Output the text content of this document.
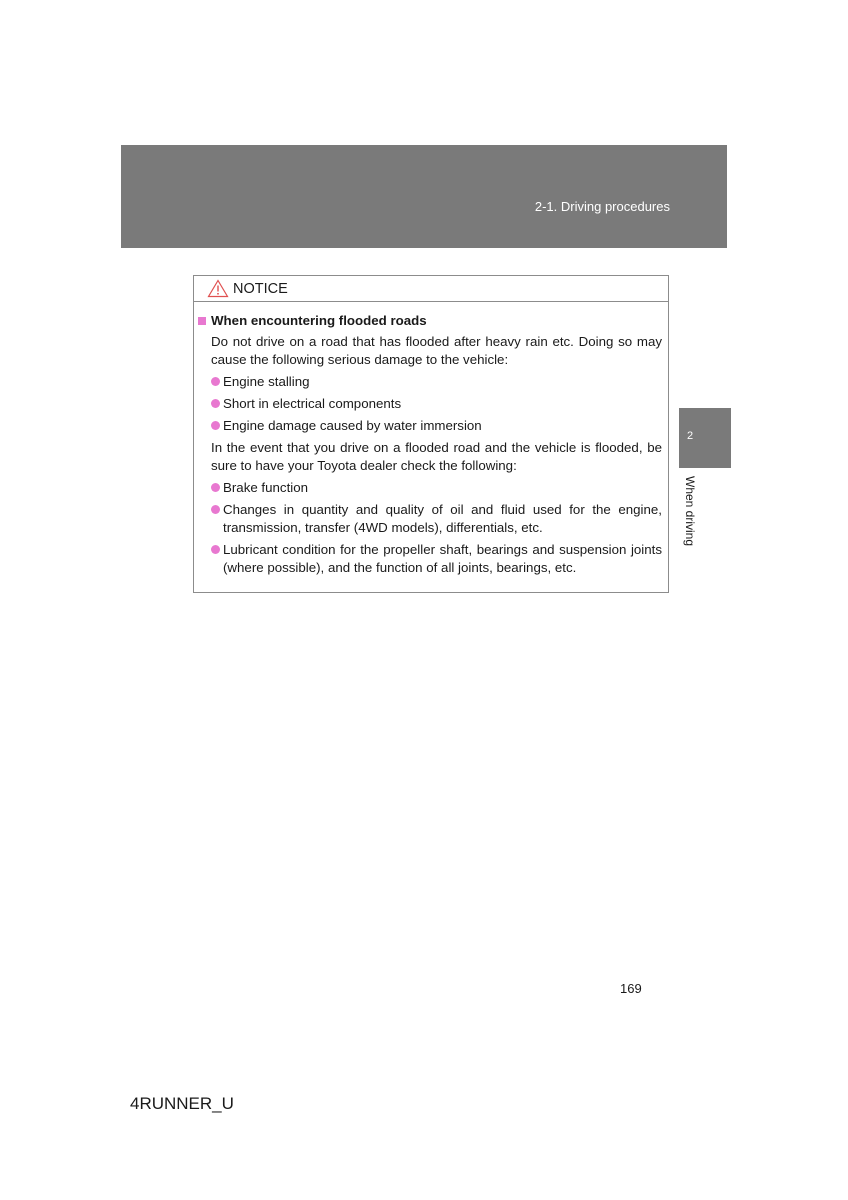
2-1. Driving procedures
2
When driving
NOTICE
When encountering flooded roads
Do not drive on a road that has flooded after heavy rain etc. Doing so may cause the following serious damage to the vehicle:
Engine stalling
Short in electrical components
Engine damage caused by water immersion
In the event that you drive on a flooded road and the vehicle is flooded, be sure to have your Toyota dealer check the following:
Brake function
Changes in quantity and quality of oil and fluid used for the engine, transmission, transfer (4WD models), differentials, etc.
Lubricant condition for the propeller shaft, bearings and suspension joints (where possible), and the function of all joints, bearings, etc.
169
4RUNNER_U
